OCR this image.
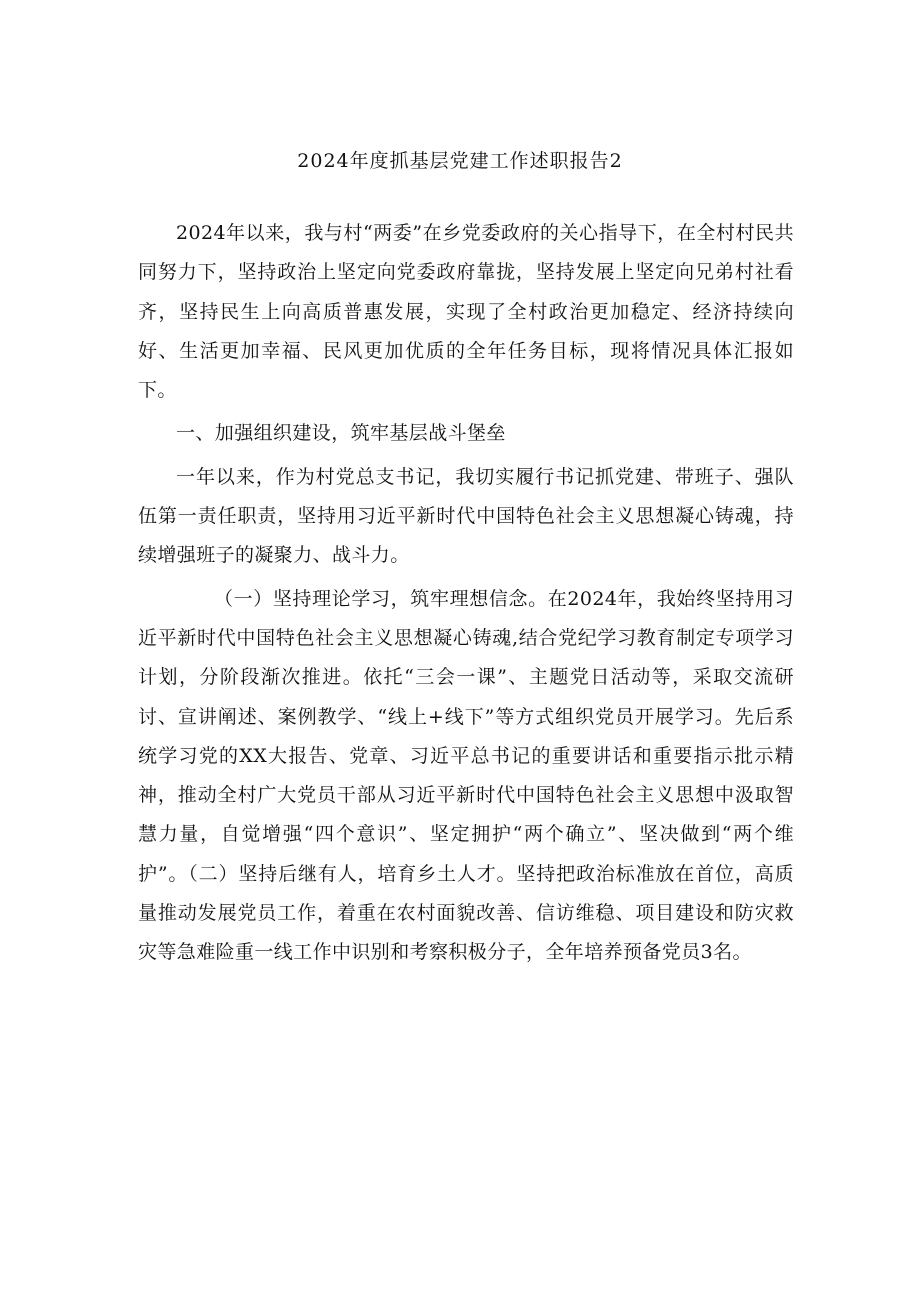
2024年度抓基层党建工作述职报告2

2024年以来，我与村“两委”在乡党委政府的关心指导下，在全村村民共同努力下，坚持政治上坚定向党委政府靠拢，坚持发展上坚定向兄弟村社看齐，坚持民生上向高质普惠发展，实现了全村政治更加稳定、经济持续向好、生活更加幸福、民风更加优质的全年任务目标，现将情况具体汇报如下。

一、加强组织建设，筑牢基层战斗堡垒

一年以来，作为村党总支书记，我切实履行书记抓党建、带班子、强队伍第一责任职责，坚持用习近平新时代中国特色社会主义思想凝心铸魂，持续增强班子的凝聚力、战斗力。

（一）坚持理论学习，筑牢理想信念。在2024年，我始终坚持用习近平新时代中国特色社会主义思想凝心铸魂,结合党纪学习教育制定专项学习计划，分阶段渐次推进。依托“三会一课”、主题党日活动等，采取交流研讨、宣讲阐述、案例教学、“线上+线下”等方式组织党员开展学习。先后系统学习党的XX大报告、党章、习近平总书记的重要讲话和重要指示批示精神，推动全村广大党员干部从习近平新时代中国特色社会主义思想中汲取智慧力量，自觉增强“四个意识”、坚定拥护“两个确立”、坚决做到“两个维护”。（二）坚持后继有人，培育乡土人才。坚持把政治标准放在首位，高质量推动发展党员工作，着重在农村面貌改善、信访维稳、项目建设和防灾救灾等急难险重一线工作中识别和考察积极分子，全年培养预备党员3名。
